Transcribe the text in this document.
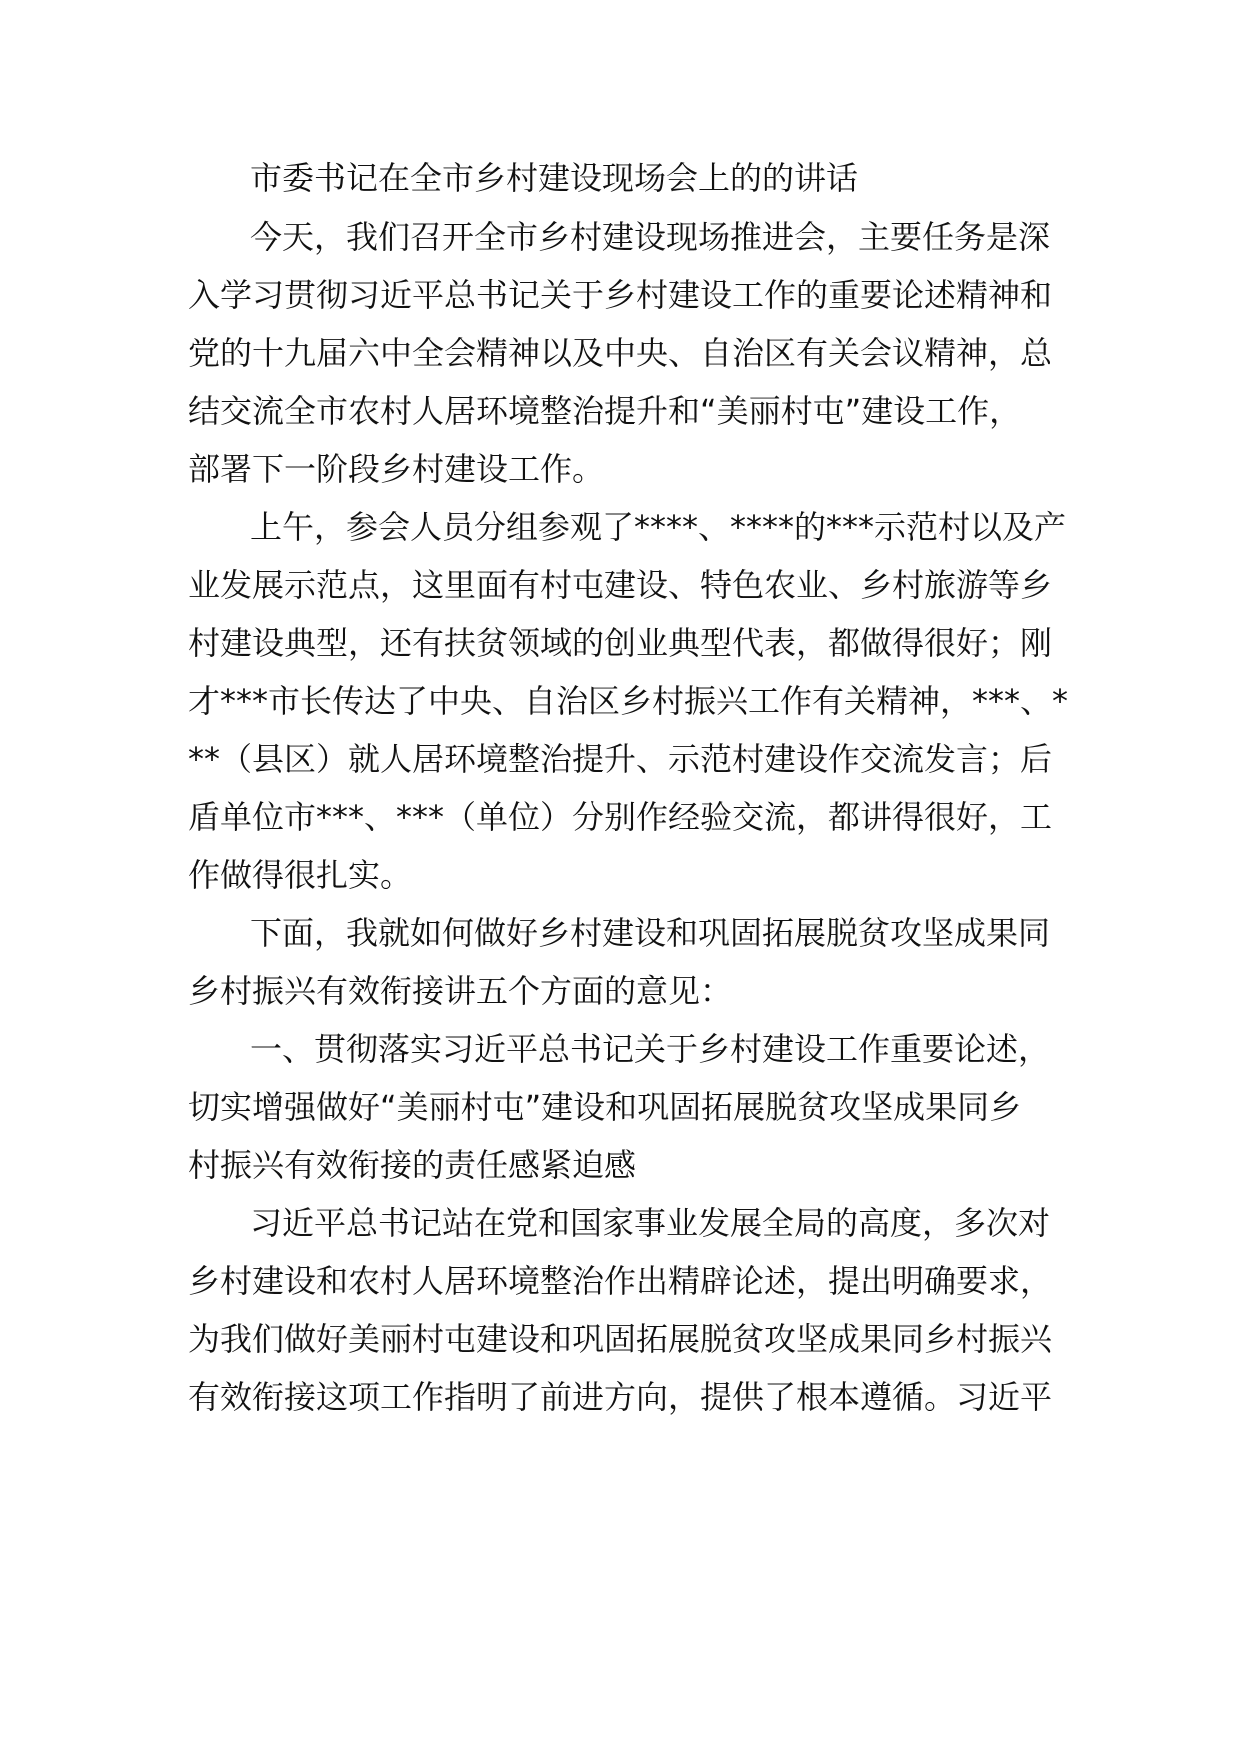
市委书记在全市乡村建设现场会上的的讲话
今天，我们召开全市乡村建设现场推进会，主要任务是深
入学习贯彻习近平总书记关于乡村建设工作的重要论述精神和
党的十九届六中全会精神以及中央、自治区有关会议精神，总
结交流全市农村人居环境整治提升和“美丽村屯”建设工作，
部署下一阶段乡村建设工作。
上午，参会人员分组参观了****、****的***示范村以及产
业发展示范点，这里面有村屯建设、特色农业、乡村旅游等乡
村建设典型，还有扶贫领域的创业典型代表，都做得很好；刚
才***市长传达了中央、自治区乡村振兴工作有关精神，***、*
**（县区）就人居环境整治提升、示范村建设作交流发言；后
盾单位市***、***（单位）分别作经验交流，都讲得很好，工
作做得很扎实。
下面，我就如何做好乡村建设和巩固拓展脱贫攻坚成果同
乡村振兴有效衔接讲五个方面的意见：
一、贯彻落实习近平总书记关于乡村建设工作重要论述，
切实增强做好“美丽村屯”建设和巩固拓展脱贫攻坚成果同乡
村振兴有效衔接的责任感紧迫感
习近平总书记站在党和国家事业发展全局的高度，多次对
乡村建设和农村人居环境整治作出精辟论述，提出明确要求，
为我们做好美丽村屯建设和巩固拓展脱贫攻坚成果同乡村振兴
有效衔接这项工作指明了前进方向，提供了根本遵循。习近平
